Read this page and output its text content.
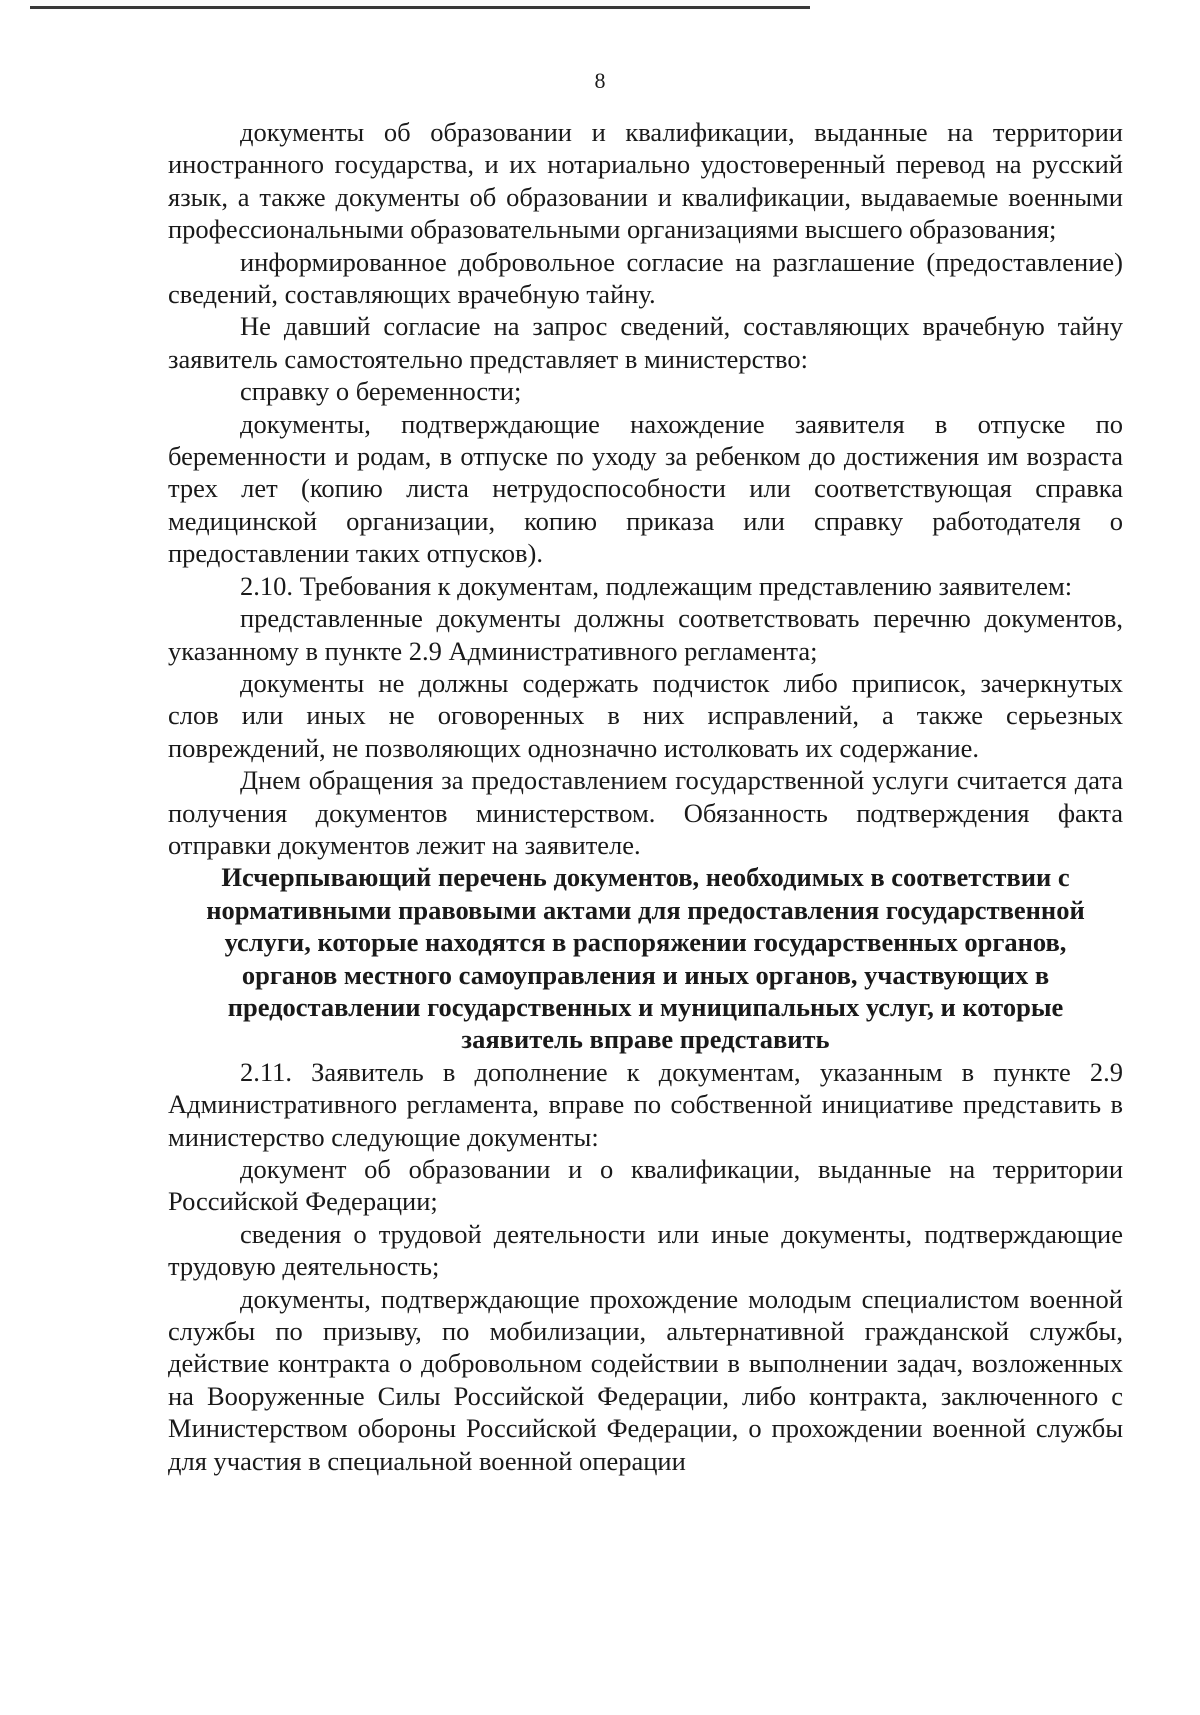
8

документы об образовании и квалификации, выданные на территории иностранного государства, и их нотариально удостоверенный перевод на русский язык, а также документы об образовании и квалификации, выдаваемые военными профессиональными образовательными организациями высшего образования;

информированное добровольное согласие на разглашение (предоставление) сведений, составляющих врачебную тайну.

Не давший согласие на запрос сведений, составляющих врачебную тайну заявитель самостоятельно представляет в министерство:

справку о беременности;

документы, подтверждающие нахождение заявителя в отпуске по беременности и родам, в отпуске по уходу за ребенком до достижения им возраста трех лет (копию листа нетрудоспособности или соответствующая справка медицинской организации, копию приказа или справку работодателя о предоставлении таких отпусков).

2.10. Требования к документам, подлежащим представлению заявителем:

представленные документы должны соответствовать перечню документов, указанному в пункте 2.9 Административного регламента;

документы не должны содержать подчисток либо приписок, зачеркнутых слов или иных не оговоренных в них исправлений, а также серьезных повреждений, не позволяющих однозначно истолковать их содержание.

Днем обращения за предоставлением государственной услуги считается дата получения документов министерством. Обязанность подтверждения факта отправки документов лежит на заявителе.

Исчерпывающий перечень документов, необходимых в соответствии с нормативными правовыми актами для предоставления государственной услуги, которые находятся в распоряжении государственных органов, органов местного самоуправления и иных органов, участвующих в предоставлении государственных и муниципальных услуг, и которые заявитель вправе представить

2.11. Заявитель в дополнение к документам, указанным в пункте 2.9 Административного регламента, вправе по собственной инициативе представить в министерство следующие документы:

документ об образовании и о квалификации, выданные на территории Российской Федерации;

сведения о трудовой деятельности или иные документы, подтверждающие трудовую деятельность;

документы, подтверждающие прохождение молодым специалистом военной службы по призыву, по мобилизации, альтернативной гражданской службы, действие контракта о добровольном содействии в выполнении задач, возложенных на Вооруженные Силы Российской Федерации, либо контракта, заключенного с Министерством обороны Российской Федерации, о прохождении военной службы для участия в специальной военной операции
